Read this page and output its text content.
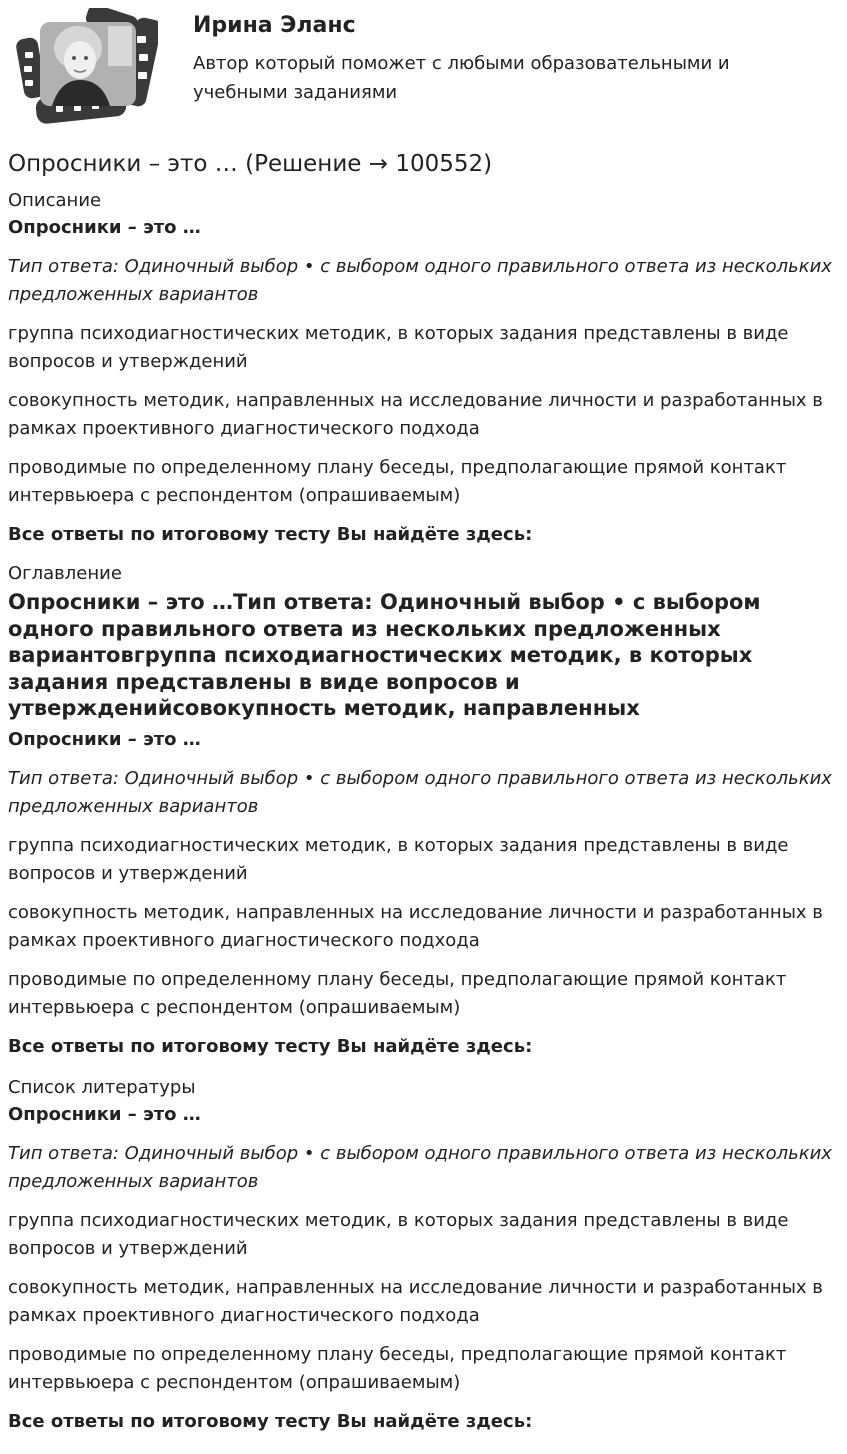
Ирина Эланс
Автор который поможет с любыми образовательными и учебными заданиями
Опросники – это … (Решение → 100552)
Описание
Опросники – это …
Тип ответа: Одиночный выбор • с выбором одного правильного ответа из нескольких предложенных вариантов
группа психодиагностических методик, в которых задания представлены в виде вопросов и утверждений
совокупность методик, направленных на исследование личности и разработанных в рамках проективного диагностического подхода
проводимые по определенному плану беседы, предполагающие прямой контакт интервьюера с респондентом (опрашиваемым)
Все ответы по итоговому тесту Вы найдёте здесь:
Оглавление
Опросники – это …Тип ответа: Одиночный выбор • с выбором одного правильного ответа из нескольких предложенных вариантовгруппа психодиагностических методик, в которых задания представлены в виде вопросов и утвержденийсовокупность методик, направленных
Опросники – это …
Тип ответа: Одиночный выбор • с выбором одного правильного ответа из нескольких предложенных вариантов
группа психодиагностических методик, в которых задания представлены в виде вопросов и утверждений
совокупность методик, направленных на исследование личности и разработанных в рамках проективного диагностического подхода
проводимые по определенному плану беседы, предполагающие прямой контакт интервьюера с респондентом (опрашиваемым)
Все ответы по итоговому тесту Вы найдёте здесь:
Список литературы
Опросники – это …
Тип ответа: Одиночный выбор • с выбором одного правильного ответа из нескольких предложенных вариантов
группа психодиагностических методик, в которых задания представлены в виде вопросов и утверждений
совокупность методик, направленных на исследование личности и разработанных в рамках проективного диагностического подхода
проводимые по определенному плану беседы, предполагающие прямой контакт интервьюера с респондентом (опрашиваемым)
Все ответы по итоговому тесту Вы найдёте здесь:
